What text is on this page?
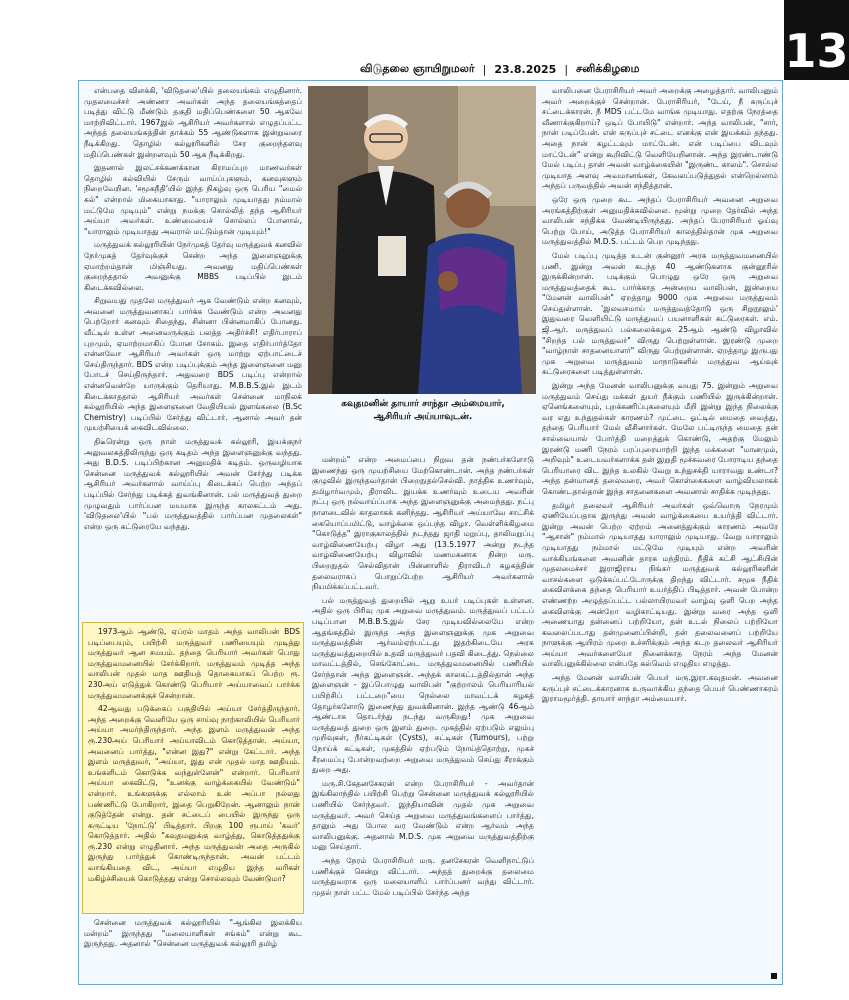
விடுதலை ஞாயிறுமலர் | 23.8.2025 | சனிக்கிழமை	13

என்பதை விளக்கி, 'விடுதலை'யில் தலையங்கம் எழுதினார். முதலமைச்சர் அண்ணா அவர்கள் அந்த தலையங்கத்தைப் படித்து விட்டு மீண்டும் தகுதி மதிப்பெண்களை 50 ஆகவே மாற்றிவிட்டார். 1967இல் ஆசிரியர் அவர்களால் எழுதப்பட்ட அந்தத் தலையங்கத்தின் தாக்கம் 55 ஆண்டுகளாக இன்றுவரை நீடிக்கிறது. தொழில் கல்லூரிகளில் சேர குறைந்தளவு மதிப்பெண்கள் இன்றளவும் 50 ஆக நீடிக்கிறது.

இதனால் இலட்சக்கணக்கான கிராமப்புற மாணவர்கள் தொழில் கல்வியில் சேரும் வாய்ப்புகளும், கனவுகளும் நிறைவேறின. 'சமூகநீதி'யில் இந்த நிகழ்வு ஒரு பெரிய "மைல் கல்" என்றால் மிகையாகாது. "யாராலும் முடியாதது நம்மால் மட்டுமே முடியும்" என்று நமக்கு சொல்லித் தந்த ஆசிரியர் அய்யா அவர்கள். உண்மையைச் சொல்லப் போனால், "யாராலும் முடியாதது அவரால் மட்டும்தான் முடியும்!"

மருத்துவக் கல்லூரியின் நேர்முகத் தேர்வு மருத்துவக் கனவில் நேர்முகத் தேர்வுக்குச் சென்ற அந்த இளைஞனுக்கு ஏமாற்றம்தான் மிஞ்சியது. அவனது மதிப்பெண்கள் குறைந்ததால் அவனுக்கு MBBS படிப்பில் இடம் கிடைக்கவில்லை.

சிறுவயது முதலே மருத்துவர் ஆக வேண்டும் என்ற கனவும், அவனை மருத்துவனாகப் பார்க்க வேண்டும் என்ற அவனது பெற்றோர் கனவும் சிதைந்து, சின்னா பின்னமாகிப் போனது. வீட்டில் உள்ள அனைவருக்கும் பலத்த அதிர்ச்சி! எதிர்பாராப் புறமும், ஏமாற்றமாகிப் போன சோகம். இதை எதிர்பார்த்தோ என்னவோ ஆசிரியர் அவர்கள் ஒரு மாற்று ஏற்பாட்டைச் செய்திருந்தார். BDS என்ற படிப்புக்கும் அந்த இளைஞனை மனு போடச் செய்திருந்தார். அதுவரை BDS படிப்பு என்றால் என்னவென்றே யாருக்கும் தெரியாது. M.B.B.S.இல் இடம் கிடைக்காததால் ஆசிரியர் அவர்கள் சென்னை மாநிலக் கல்லூரியில் அந்த இளைஞனை வேதியியல் இளங்கலை (B.Sc Chemistry) படிப்பில் சேர்த்து விட்டார். ஆனால் அவர் தன் முயற்சியைக் கைவிடவில்லை.

திடீரென்று ஒரு நாள் மருத்துவக் கல்லூரி, இயக்குநர் அலுவலகத்திலிருந்து ஒரு கடிதம் அந்த இளைஞனுக்கு வந்தது. அது B.D.S. படிப்பிற்கான அனுமதிக் கடிதம். ஒருவழியாக சென்னை மருத்துவக் கல்லூரியில் அவன் சேர்ந்து படிக்க ஆசிரியர் அவர்களால் வாய்ப்பு கிடைக்கப் பெற்ற அந்தப் படிப்பில் சேர்ந்து படிக்கத் துவங்கினான். பல் மருத்துவத் துறை முழுவதும் பார்ப்பன மயமாக இருந்த காலகட்டம் அது. 'விடுதலை'யில் "பல் மருத்துவத்தில் பார்ப்பன முதலைகள்" என்ற ஒரு கட்டுரையே வந்தது.

1973ஆம் ஆண்டு, ஏப்ரல் மாதம் அந்த வாலிபன் BDS படிப்பையும், பயிற்சி மருத்துவர் பணியையும் முடித்து மருத்துவர் ஆன சமயம். தந்தை பெரியார் அவர்கள் பொது மருத்துவமனையில் சேர்க்கிறார். மருத்துவம் முடித்த அந்த வாலிபன் முதல் மாத ஊதியத் தொகையாகப் பெற்ற ரூ. 230அய் எடுத்துக் கொண்டு பெரியார் அய்யாவைப் பார்க்க மருத்துவமனைக்குச் சென்றான்.

42ஆவது படுக்கைப் பகுதியில் அய்யா சேர்த்திருந்தார். அந்த அறைக்கு வெளியே ஒரு சாய்வு நாற்காலியில் பெரியார் அய்யா அமர்ந்திருந்தார். அந்த இளம் மருத்துவன் அந்த ரூ.230அய் பெரியார் அய்யாவிடம் கொடுத்தான். அய்யா, அவனைப் பார்த்து, "என்ன இது?" என்று கேட்டார். அந்த இளம் மருத்துவர், "அய்யா, இது என் முதல் மாத ஊதியம். உங்களிடம் கொடுக்க வந்துள்ளேன்" என்றார். பெரியார் அய்யா கைவிட்டு, "உனக்கு வாழ்க்கையில் வேண்டும்" என்றார். உங்களுக்கு எல்லாம் உன் அப்பா நல்லது பண்ணிட்டு போகிறார், இதை பெறுகிறேன். ஆனாலும் நான் குடுத்தேன் என்று. தன் சட்டைப் பையில் இருந்து ஒரு சுருட்டிய 'நோட்டு' பிடித்தார். பிறகு 100 ரூபாய் 'கவர்' கொடுத்தார். அதில் "கவுதமனுக்கு வாழ்த்து, கொடுத்ததுக்கு ரூ.230 என்று எழுதினார். அந்த மருத்துவன் அதை அருகில் இருந்து பார்த்துக் கொண்டிருந்தான். அவன் பட்டம் வாங்கியதை விட, அய்யா எழுதிய இந்த வரிகள் மகிழ்ச்சியைக் கொடுத்தது என்று சொல்லவும் வேண்டுமா?

சென்னை மருத்துவக் கல்லூரியில் "ஆங்கில இலக்கிய மன்றம்" இருந்தது "மலையாளிகள் சங்கம்" என்று கூட இருந்தது. அதனால் "சென்னை மருத்துவக் கல்லூரி தமிழ்

கவுதமனின் தாயார் சாந்தா அம்மையார்,
ஆசிரியர் அய்யாவுடன்.

மன்றம்" என்ற அமைப்பை நிறுவ தன் நண்பர்களோடு இணைந்து ஒரு முயற்சியை மேற்கொண்டான். அந்த நண்பர்கள் குழுவில் இருந்தவர்தான் பிறைநுதல்செல்வி. நாத்திக உணர்வும், தமிழார்வமும், திராவிட இயக்க உணர்வும் உடைய அவரின் நட்பு ஒரு நல்வாய்ப்பாக அந்த இளைஞனுக்கு அமைந்தது. நட்பு நாளடைவில் காதலாகக் கனிந்தது. ஆசிரியர் அய்யாவே சாட்சிக் கையொப்பமிட்டு, வாழ்க்கை ஒப்பந்த விழா. வெள்ளிக்கிழமை "கொடுத்த" இராகுகாலத்தில் நடந்தது ஜாதி மறுப்பு, தாலிமறுப்பு வாழ்விணையேற்பு விழா அது (13.5.1977 அன்று நடந்த வாழ்விணையேற்பு விழாவில் மணமகனாக நின்ற மரு. பிறைநுதல் செல்விதான் பின்னாளில் திராவிடர் கழகத்தின் தலைவராகப் பொறுப்பேற்ற ஆசிரியர் அவர்களால் நியமிக்கப்பட்டவர்.

பல் மருத்துவத் துறையில் ஆறு உயர் படிப்புகள் உள்ளன. அதில் ஒரு பிரிவு முக அறுவை மருத்துவம். மருத்துவப் பட்டப் படிப்பான M.B.B.S.இல் சேர முடியவில்லையே என்ற ஆதங்கத்தில் இருந்த அந்த இளைஞனுக்கு முக அறுவை மருத்துவத்தின் ஆர்வம்ஏற்பட்டது இதற்கிடையே அரசு மருத்துவத்துறையில் உதவி மருத்துவர் பதவி கிடைத்து. நெல்லை மாவட்டத்தில், செங்கோட்டை மருத்துவமனையில் பணியில் சேர்ந்தான் அந்த இளைஞன். அந்தக் காலகட்டத்தில்தான் அந்த இளைஞன் - இப்பொழுது வாலிபன் "குற்றாலம் பெரியாரியல் பயிற்சிப் பட்டறை"யை நெல்லை மாவட்டக் கழகத் தோழர்களோடு இணைந்து துவக்கினான். இந்த ஆண்டு 46ஆம் ஆண்டாக தொடர்ந்து நடந்து வருகிறது! முக அறுவை மருத்துவத் துறை ஒரு இளம் துறை. முகத்தில் ஏற்படும் எலும்பு முறிவுகள், நீர்கட்டிகள் (Cysts), கட்டிகள் (Tumours), பற்று நோய்க் கட்டிகள், முகத்தில் ஏற்படும் நோய்த்தொற்று, முகச் சீரமைப்பு போன்றவற்றை அறுவை மருத்துவம் செய்து சீராக்கும் துறை அது.

மரு.சி.கேதனசேகரன் என்ற பேராசிரியர் - அவர்தான் இங்கிலாந்தில் பயிற்சி பெற்று சென்னை மருத்துவக் கல்லூரியில் பணியில் சேர்ந்தவர். இந்தியாவின் முதல் முக அறுவை மருத்துவர். அவர் செய்த அறுவை மருத்துவங்களைப் பார்த்து, தானும் அது போல வர வேண்டும் என்ற ஆர்வம் அந்த வாலிபனுக்கு. அதனால் M.D.S. முக அறுவை மருத்துவத்திற்கு மனு செய்தார்.

அந்த நேரம் பேராசிரியர் மரு. தனசேகரன் வெளிநாட்டுப் பணிக்குச் சென்று விட்டார். அந்தத் துறைக்கு தலைமை மருத்துவராக ஒரு மலையாளிப் பார்ப்பனர் வந்து விட்டார். முதல் நாள் பட்ட மேல் படிப்பில் சேர்ந்த அந்த

வாலிபனை பேராசிரியர் அவர் அறைக்கு அழைத்தார். வாலிபனும் அவர் அறைக்குச் சென்றான். பேராசிரியர், "டேய், நீ கருப்புச் சட்டைக்காரன். நீ MDS பட்டமே வாங்க முடியாது. எதற்கு நேரத்தை வீணாக்குகிறாய்? ஒடிப் போயிடு" என்றார். அந்த வாலிபன், "சார், நான் படிப்பேன். என் கருப்புச் சட்டை எனக்கு என் இயக்கம் தந்தது. அதை நான் கழட்டவும் மாட்டேன். என் படிப்பை விடவும் மாட்டேன்" என்று கூறிவிட்டு வெளியேறினான். அந்த இரண்டாண்டு மேல் படிப்பு தான் அவன் வாழ்க்கையின் "இருண்ட காலம்". சொல்ல முடியாத அளவு அவமானங்கள், கேவலப்படுத்துதல் என்றெல்லாம் அந்தப் பருவத்தில் அவன் சந்தித்தான்.

ஒரே ஒரு முறை கூட அந்தப் பேராசிரியர் அவனை அறுவை அரங்கத்திற்குள் அனுமதிக்கவில்லை. மூன்று முறை தேர்வில் அந்த வாலிபன் சந்திக்க வேண்டியிருந்தது. அந்தப் பேராசிரியர் ஓய்வு பெற்று போய், அடுத்த பேராசிரியர் காலத்தில்தான் முக அறுவை மருத்துவத்தில் M.D.S. பட்டம் பெற முடிந்தது.

மேல் படிப்பு முடித்த உடன் குன்னூர் அரசு மருத்துவமனையில் பணி. இன்று அவன் கடந்த 40 ஆண்டுகளாக குன்னூரில் இருக்கின்றான். படிக்கும் பொழுது ஒரே ஒரு அறுவை மருத்துவத்தைக் கூட பார்க்காத அன்றைய வாலிபன், இன்றைய "மேனன் வாலிபன்" ஏறத்தாழ 9000 முக அறுவை மருத்துவம் செய்துள்ளான். 'இலவசமாய் மருத்துவத்தோடு ஒரு சிறுநூலும்' இதுவரை வெளியிட்டு மருத்துவப் பயனாளிகள் கட்டுரைகள். எம். ஜி.ஆர். மருத்துவப் பல்கலைக்கழக 25ஆம் ஆண்டு விழாவில் "சிறந்த பல் மருத்துவர்" விருது பெற்றுள்ளான். இரண்டு முறை "வாழ்நாள் சாதனையாளர்" விருது பெற்றுள்ளான். ஏறத்தாழ இருபது முக அறுவை மருத்துவம் மாநாடுகளில் மருத்துவ ஆய்வுக் கட்டுரைகளை படித்துள்ளான்.

இன்று அந்த மேனன் வாலிபனுக்கு வயது 75. இன்றும் அறுவை மருத்துவம் செய்து மக்கள் துயர் நீக்கும் பணியில் இருக்கின்றான். ஏனெங்களையும், புறக்கணிப்புகளையும் மீறி இன்று இந்த நிலைக்கு வர எது உந்துதல்கள் காரணம்? முட்டை ஓட்டில் மைதை வைத்து, தந்தை பெரியார் மேல் வீசினார்கள். மேலே பட்டிருந்த மைதை தன் சால்வையால் போர்த்தி மறைத்துக் கொண்டு, அதற்கு மேலும் இரண்டு மணி நேரம் பரப்புரையாற்றி இந்த மக்களை "மானமும், அறிவும்" உடையவர்களாக்க தன் இறுதி மூச்சுவரை போராடிய தந்தை பெரியாரை விட இந்த உலகில் வேறு உந்துசக்தி யாராவது உண்டா? அந்த தன்மானத் தலைவரை, அவர் கொள்கைகளை வாழ்வியலாகக் கொண்டதால்தான் இந்த சாதனைகளை அவனால் சாதிக்க முடிந்தது.

தமிழர் தலைவர் ஆசிரியர் அவர்கள் ஒவ்வொரு நேரமும் ஏணியேப்பதாக இருந்து அவன் வாழ்க்கையை உயர்த்தி விட்டார். இன்று அவன் பெற்ற ஏற்றம் அனைத்துக்கும் காரணம் அவரே "ஆசான்" நம்மால் முடியாதது யாராலும் முடியாது. வேறு யாராலும் முடியாதது நம்மால் மட்டுமே முடியும் என்ற அவரின் வாக்கியங்களை அவனின் தாரக மந்திரம். நீதிக் கட்சி ஆட்சியின் முதலமைச்சர் இராஜிராய நிங்கர் மருத்துவக் கல்லூரிகளின் வாசல்களை ஒடுக்கப்பட்டோருக்கு திறந்து விட்டார். சமூக நீதிக் கைவிளக்கை தந்தை பெரியார் உயர்த்திப் பிடித்தார். அவன் போன்ற எண்ணற்ற அழுத்தப்பட்ட பல்லாயிரமவர் வாழ்வு ஒளி பெற அந்த கைவிளக்கு அன்றோ வழிகாட்டியது. இன்று வரை அந்த ஒளி அணையாது தன்னைப் பற்றியோ, தன் உடல் நிலைப் பற்றியோ கவலைப்படாது தன்முனைப்பின்றி, தன் தலைவனைப் பற்றியே நாளுக்கு ஆயிரம் முறை உச்சரிக்கும் அந்த சுடற தலைவர் ஆசிரியர் அய்யா அவர்களையோ நினைக்காத நேரம் அந்த மேனன் வாலிபனுக்கில்லை என்பதே கல்வெம் எழுதிய எழுத்து.

அந்த மேனன் வாலிபன் பெயர் மரு.இரா.கவுதமன். அவனை கருப்புச் சட்டைக்காரனாக உருவாக்கிய தந்தை பெயர் பெண்ணாகரம் இராமமூர்த்தி. தாயார் சாந்தா அம்மையார்.
